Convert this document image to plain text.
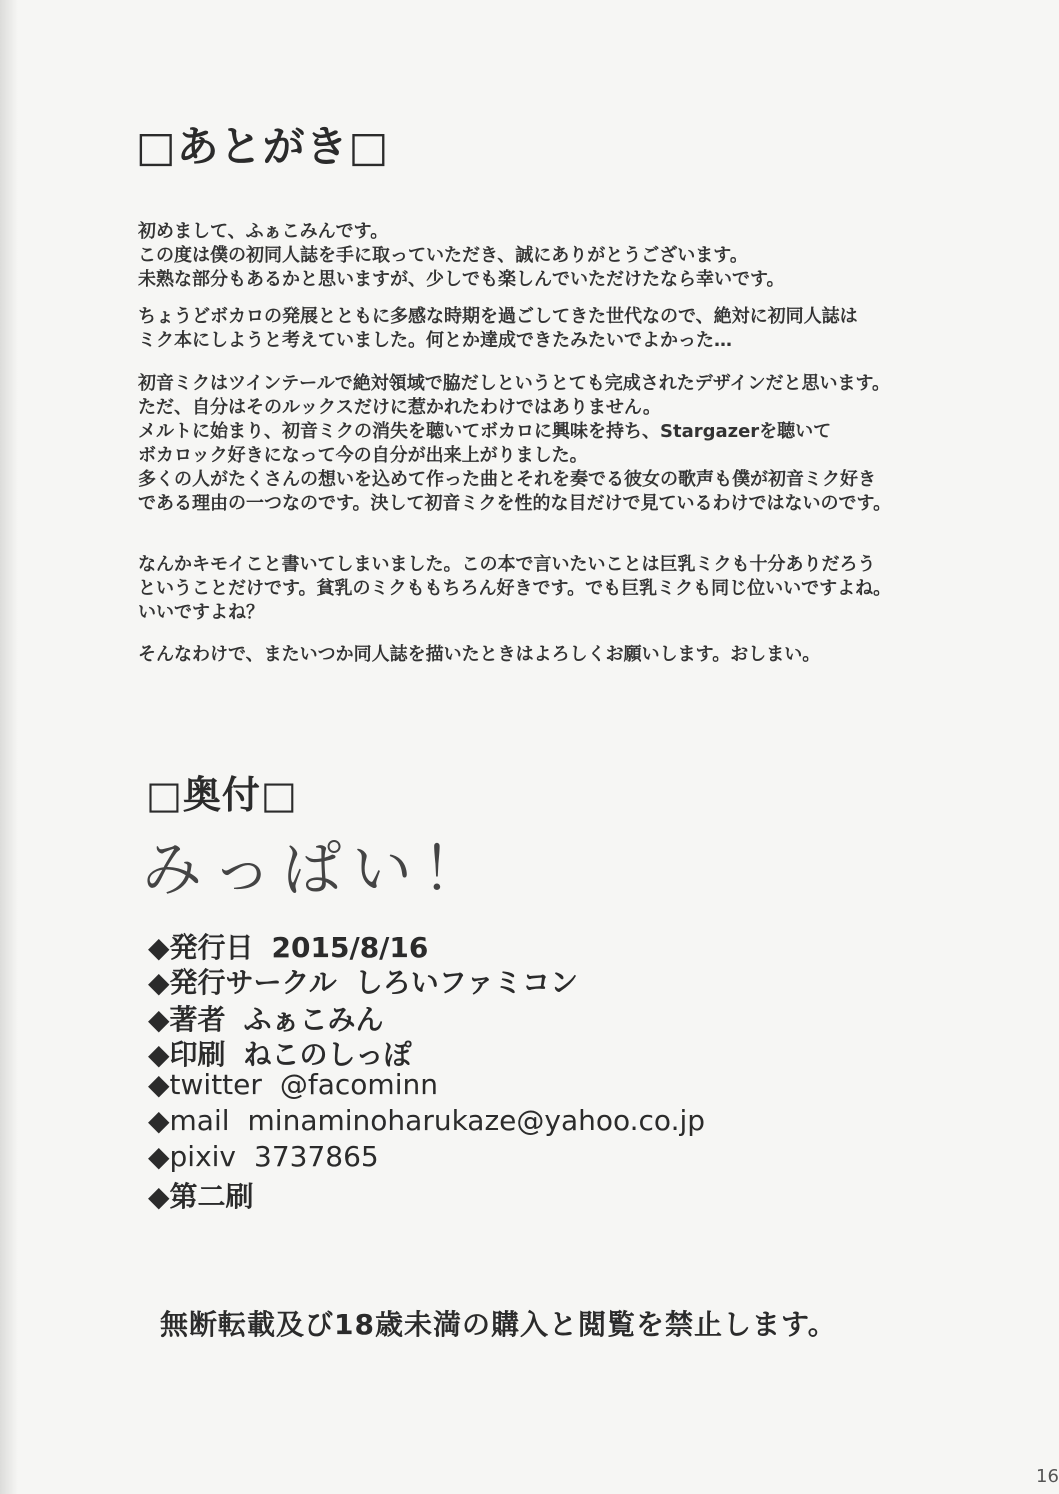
□あとがき□
初めまして、ふぁこみんです。
この度は僕の初同人誌を手に取っていただき、誠にありがとうございます。
未熟な部分もあるかと思いますが、少しでも楽しんでいただけたなら幸いです。
ちょうどボカロの発展とともに多感な時期を過ごしてきた世代なので、絶対に初同人誌は
ミク本にしようと考えていました。何とか達成できたみたいでよかった…
初音ミクはツインテールで絶対領域で脇だしというとても完成されたデザインだと思います。
ただ、自分はそのルックスだけに惹かれたわけではありません。
メルトに始まり、初音ミクの消失を聴いてボカロに興味を持ち、Stargazerを聴いて
ボカロック好きになって今の自分が出来上がりました。
多くの人がたくさんの想いを込めて作った曲とそれを奏でる彼女の歌声も僕が初音ミク好き
である理由の一つなのです。決して初音ミクを性的な目だけで見ているわけではないのです。
なんかキモイこと書いてしまいました。この本で言いたいことは巨乳ミクも十分ありだろう
ということだけです。貧乳のミクももちろん好きです。でも巨乳ミクも同じ位いいですよね。
いいですよね？
そんなわけで、またいつか同人誌を描いたときはよろしくお願いします。おしまい。
□奥付□
みっぱい！
◆発行日 2015/8/16
◆発行サークル しろいファミコン
◆著者 ふぁこみん
◆印刷 ねこのしっぽ
◆twitter @facominn
◆mail minaminoharukaze@yahoo.co.jp
◆pixiv 3737865
◆第二刷
無断転載及び18歳未満の購入と閲覧を禁止します。
16
